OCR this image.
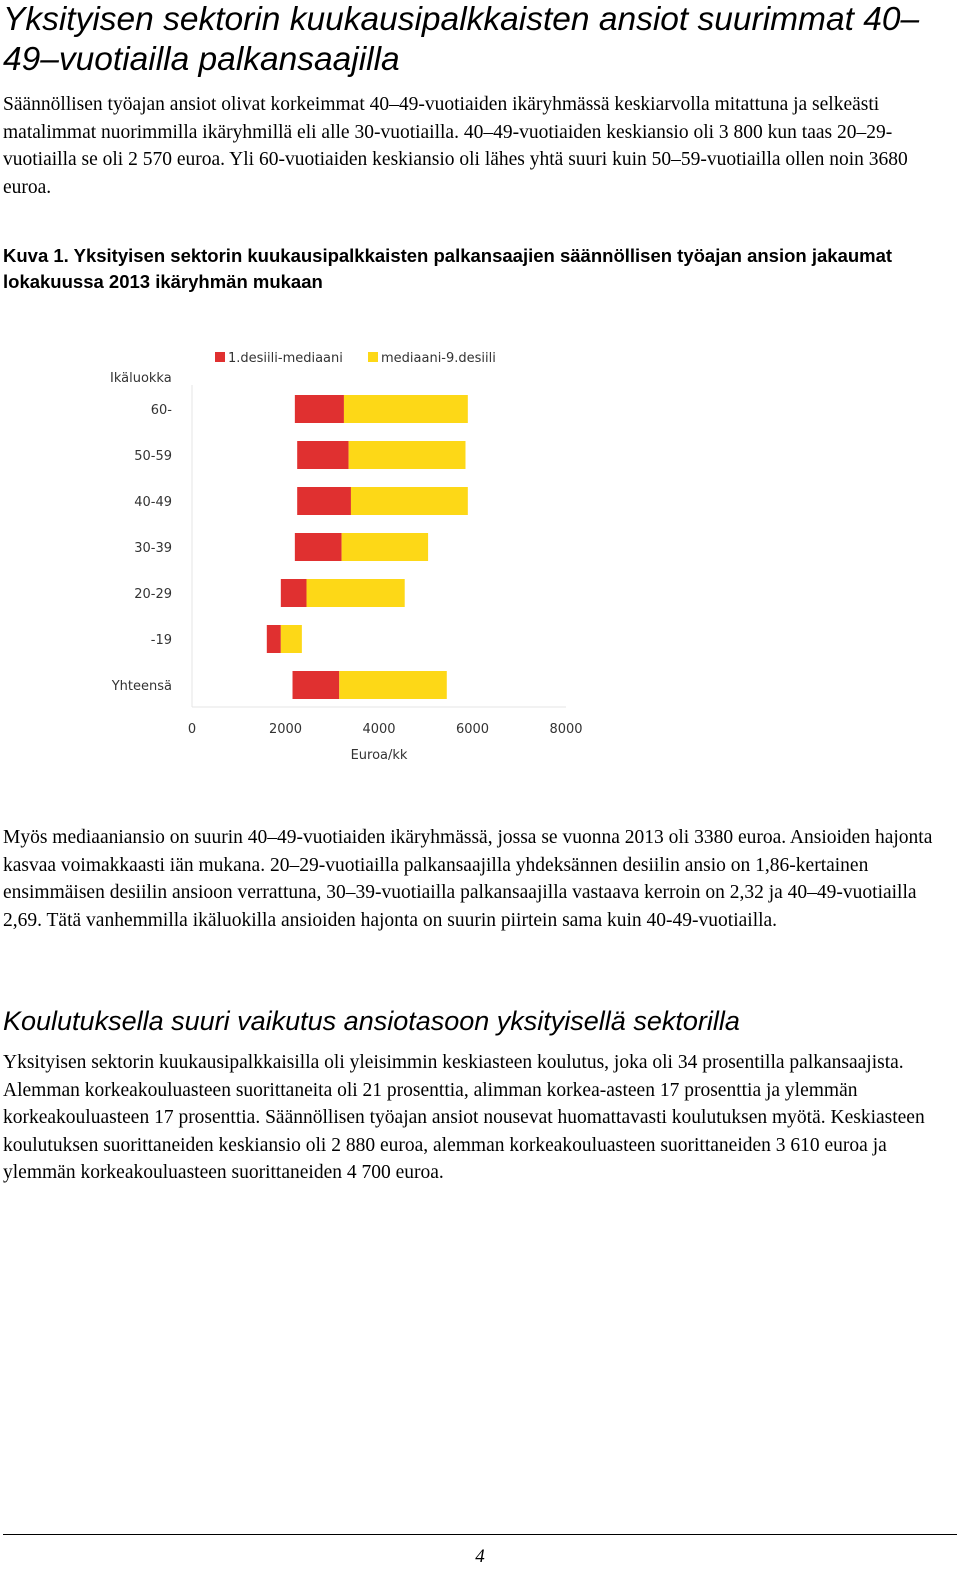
Yksityisen sektorin kuukausipalkkaisten ansiot suurimmat 40–49–vuotiailla palkansaajilla

Säännöllisen työajan ansiot olivat korkeimmat 40–49-vuotiaiden ikäryhmässä keskiarvolla mitattuna ja selkeästi matalimmat nuorimmilla ikäryhmillä eli alle 30-vuotiailla. 40–49-vuotiaiden keskiansio oli 3 800 kun taas 20–29-vuotiailla se oli 2 570 euroa. Yli 60-vuotiaiden keskiansio oli lähes yhtä suuri kuin 50–59-vuotiailla ollen noin 3680 euroa.

Kuva 1. Yksityisen sektorin kuukausipalkkaisten palkansaajien säännöllisen työajan ansion jakaumat lokakuussa 2013 ikäryhmän mukaan

1.desiili-mediaani	mediaani-9.desiili
Ikäluokka
60-
50-59
40-49
30-39
20-29
-19
Yhteensä
0	2000	4000	6000	8000
Euroa/kk

Myös mediaaniansio on suurin 40–49-vuotiaiden ikäryhmässä, jossa se vuonna 2013 oli 3380 euroa. Ansioiden hajonta kasvaa voimakkaasti iän mukana. 20–29-vuotiailla palkansaajilla yhdeksännen desiilin ansio on 1,86-kertainen ensimmäisen desiilin ansioon verrattuna, 30–39-vuotiailla palkansaajilla vastaava kerroin on 2,32 ja 40–49-vuotiailla 2,69. Tätä vanhemmilla ikäluokilla ansioiden hajonta on suurin piirtein sama kuin 40-49-vuotiailla.

Koulutuksella suuri vaikutus ansiotasoon yksityisellä sektorilla

Yksityisen sektorin kuukausipalkkaisilla oli yleisimmin keskiasteen koulutus, joka oli 34 prosentilla palkansaajista. Alemman korkeakouluasteen suorittaneita oli 21 prosenttia, alimman korkea-asteen 17 prosenttia ja ylemmän korkeakouluasteen 17 prosenttia. Säännöllisen työajan ansiot nousevat huomattavasti koulutuksen myötä. Keskiasteen koulutuksen suorittaneiden keskiansio oli 2 880 euroa, alemman korkeakouluasteen suorittaneiden 3 610 euroa ja ylemmän korkeakouluasteen suorittaneiden 4 700 euroa.

4
